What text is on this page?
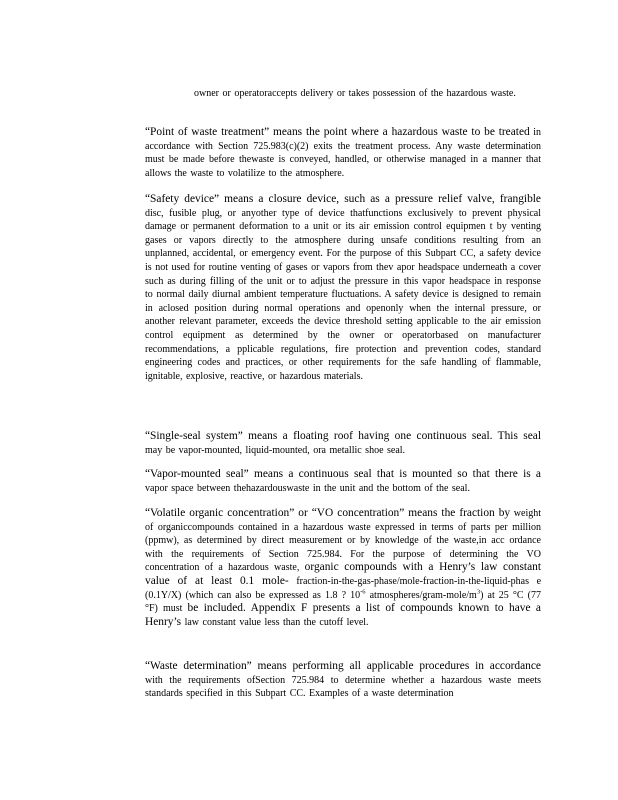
owner or operatoraccepts delivery or takes possession of the hazardous waste.

“Point of waste treatment” means the point where a hazardous waste to be treated in accordance with Section 725.983(c)(2) exits the treatment process. Any waste determination must be made before thewaste is conveyed, handled, or otherwise managed in a manner that allows the waste to volatilize to the atmosphere.

“Safety device” means a closure device, such as a pressure relief valve, frangible disc, fusible plug, or anyother type of device thatfunctions exclusively to prevent physical damage or permanent deformation to a unit or its air emission control equipmen t by venting gases or vapors directly to the atmosphere during unsafe conditions resulting from an unplanned, accidental, or emergency event. For the purpose of this Subpart CC, a safety device is not used for routine venting of gases or vapors from thev apor headspace underneath a cover such as during filling of the unit or to adjust the pressure in this vapor headspace in response to normal daily diurnal ambient temperature fluctuations. A safety device is designed to remain in aclosed position during normal operations and openonly when the internal pressure, or another relevant parameter, exceeds the device threshold setting applicable to the air emission control equipment as determined by the owner or operatorbased on manufacturer recommendations, a pplicable regulations, fire protection and prevention codes, standard engineering codes and practices, or other requirements for the safe handling of flammable, ignitable, explosive, reactive, or hazardous materials.

“Single-seal system” means a floating roof having one continuous seal. This seal may be vapor-mounted, liquid-mounted, ora metallic shoe seal.

“Vapor-mounted seal” means a continuous seal that is mounted so that there is a vapor space between thehazardouswaste in the unit and the bottom of the seal.

“Volatile organic concentration” or “VO concentration” means the fraction by weight of organiccompounds contained in a hazardous waste expressed in terms of parts per million (ppmw), as determined by direct measurement or by knowledge of the waste,in acc ordance with the requirements of Section 725.984. For the purpose of determining the VO concentration of a hazardous waste, organic compounds with a Henry’s law constant value of at least 0.1 mole- fraction-in-the-gas-phase/mole-fraction-in-the-liquid-phas e (0.1Y/X) (which can also be expressed as 1.8 ? $10^{-6}$ atmospheres/$gram-mole/m^3$) at 25 °C (77 °F) must be included. Appendix F presents a list of compounds known to have a Henry’s law constant value less than the cutoff level.

“Waste determination” means performing all applicable procedures in accordance with the requirements ofSection 725.984 to determine whether a hazardous waste meets standards specified in this Subpart CC. Examples of a waste determination
